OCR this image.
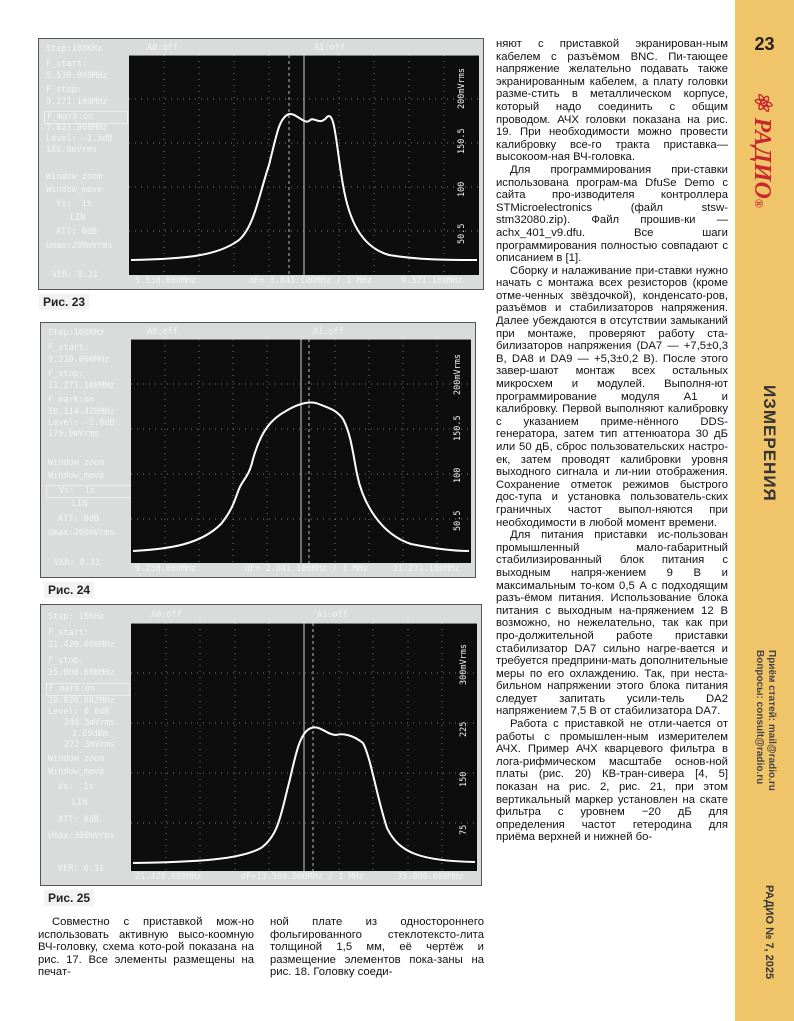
Step:100KHz
F_start:
5.530.000MHz
F_stop:
9.371.100MHz
F_mark:on
7.027.968MHz
Level: -1.5dB
186.6mVrms
Window_zoom
Window_move
Vs:  1s
LIN
ATT: 0dB
Umax:200mVrms
VER: 8.31
A0:off	A1:off
200mVrms
150.5
100
50.5
5.530.000MHz	dF= 3.841.100MHz / 1 MHz	9.371.100MHz
Рис. 23
Step:100KHz
F_start:
9.230.000MHz
F_stop:
11.271.100MHz
F_mark:on
10.114.420MHz
Level: -2.0dB
176.9mVrms
Window_zoom
Window_move
Vs:  1s
LIN
ATT: 0dB
Umax:200mVrms
VER: 8.31
A0:off	A1:off
200mVrms
150.5
100
50.5
9.230.000MHz	dF= 2.041.100MHz / 1 MHz	11.271.100MHz
Рис. 24
Step: 10KHz
F_start:
21.420.000MHz
F_stop:
35.000.000MHz
F_mark:on
28.026.882MHz
Level: 0.8dB
246.5mVrms
1.69dBm
272.3mVrms
Window_zoom
Window_move
Vs:  1s
LIN
ATT: 0dB
Umax:300mVrms
VER: 6.31
A0:off	A1:off
300mVrms
225
150
75
21.420.000MHz	dF=13.580.000MHz / 1 MHz	35.000.000MHz
Рис. 25

няют с приставкой экранирован-ным кабелем с разъёмом BNC. Пи-тающее напряжение желательно подавать также экранированным кабелем, а плату головки разме-стить в металлическом корпусе, который надо соединить с общим проводом. АЧХ головки показана на рис. 19. При необходимости можно провести калибровку все-го тракта приставка—высокоом-ная ВЧ-головка.

Для программирования при-ставки использована програм-ма DfuSe Demo с сайта про-изводителя контроллера STMicroelectronics (файл stsw-stm32080.zip). Файл прошив-ки — achx_401_v9.dfu. Все шаги программирования полностью совпадают с описанием в [1].

Сборку и налаживание при-ставки нужно начать с монтажа всех резисторов (кроме отме-ченных звёздочкой), конденсато-ров, разъёмов и стабилизаторов напряжения. Далее убеждаются в отсутствии замыканий при монтаже, проверяют работу ста-билизаторов напряжения (DA7 — +7,5±0,3 В, DA8 и DA9 — +5,3±0,2 В). После этого завер-шают монтаж всех остальных микросхем и модулей. Выполня-ют программирование модуля A1 и калибровку. Первой выполняют калибровку с указанием приме-нённого DDS-генератора, затем тип аттенюатора 30 дБ или 50 дБ, сброс пользовательских настро-ек, затем проводят калибровки уровня выходного сигнала и ли-нии отображения. Сохранение отметок режимов быстрого дос-тупа и установка пользователь-ских граничных частот выпол-няются при необходимости в любой момент времени.

Для питания приставки ис-пользован промышленный мало-габаритный стабилизированный блок питания с выходным напря-жением 9 В и максимальным то-ком 0,5 А с подходящим разъ-ёмом питания. Использование блока питания с выходным на-пряжением 12 В возможно, но нежелательно, так как при про-должительной работе приставки стабилизатор DA7 сильно нагре-вается и требуется предприни-мать дополнительные меры по его охлаждению. Так, при неста-бильном напряжении этого блока питания следует запитать усили-тель DA2 напряжением 7,5 В от стабилизатора DA7.

Работа с приставкой не отли-чается от работы с промышлен-ным измерителем АЧХ. Пример АЧХ кварцевого фильтра в лога-рифмическом масштабе основ-ной платы (рис. 20) КВ-тран-сивера [4, 5] показан на рис. 2, рис. 21, при этом вертикальный маркер установлен на скате фильтра с уровнем −20 дБ для определения частот гетеродина для приёма верхней и нижней бо-

Совместно с приставкой мож-но использовать активную высо-коомную ВЧ-головку, схема кото-рой показана на рис. 17. Все элементы размещены на печат-

ной плате из одностороннего фольгированного стеклотексто-лита толщиной 1,5 мм, её чертёж и размещение элементов пока-заны на рис. 18. Головку соеди-

23
⚛ РАДИО®
ИЗМЕРЕНИЯ
Приём статей: mail@radio.ru
Вопросы: consult@radio.ru
РАДИО № 7, 2025
